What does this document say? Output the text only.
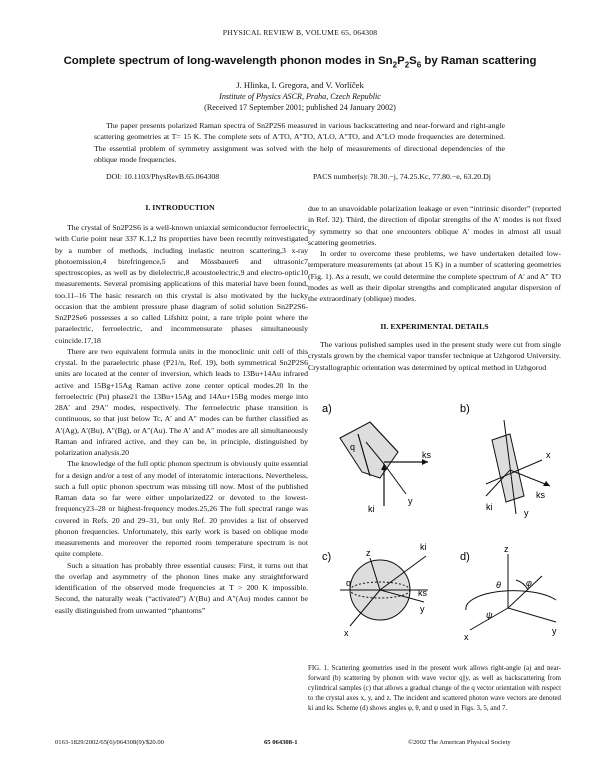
PHYSICAL REVIEW B, VOLUME 65, 064308
Complete spectrum of long-wavelength phonon modes in $Sn_2P_2S_6$ by Raman scattering
J. Hlinka, I. Gregora, and V. Vorlíček
Institute of Physics ASCR, Praha, Czech Republic
(Received 17 September 2001; published 24 January 2002)
The paper presents polarized Raman spectra of Sn2P2S6 measured in various backscattering and near-forward and right-angle scattering geometries at T= 15 K. The complete sets of A′TO, A″TO, A′LO, A″TO, and A″LO mode frequencies are determined. The essential problem of symmetry assignment was solved with the help of measurements of directional dependencies of the oblique mode frequencies.
DOI: 10.1103/PhysRevB.65.064308	PACS number(s): 78.30.−j, 74.25.Kc, 77.80.−e, 63.20.Dj
I. INTRODUCTION

The crystal of Sn2P2S6 is a well-known uniaxial semiconductor ferroelectric with Curie point near 337 K.1,2 Its properties have been recently reinvestigated by a number of methods, including inelastic neutron scattering,3 x-ray photoemission,4 birefringence,5 and Mössbauer6 and ultrasonic7 spectroscopies, as well as by dielelectric,8 acoustoelectric,9 and electro-optic10 measurements. Several promising applications of this material have been found, too.11–16 The basic research on this crystal is also motivated by the lucky occasion that the ambient pressure phase diagram of solid solution Sn2P2S6-Sn2P2Se6 possesses a so called Lifshitz point, a rare triple point where the paraelectric, ferroelectric, and incommensurate phases simultaneously coincide.17,18

There are two equivalent formula units in the monoclinic unit cell of this crystal. In the paraelectric phase (P21/n, Ref. 19), both symmetrical Sn2P2S6 units are located at the center of inversion, which leads to 13Bu+14Au infrared active and 15Bg+15Ag Raman active zone center optical modes.20 In the ferroelectric (Pn) phase21 the 13Bu+15Ag and 14Au+15Bg modes merge into 28A′ and 29A″ modes, respectively. The ferroelectric phase transition is continuous, so that just below Tc, A′ and A″ modes can be further classified as A′(Ag), A′(Bu), A″(Bg), or A″(Au). The A′ and A″ modes are all simultaneously Raman and infrared active, and they can be, in principle, distinguished by polarization analysis.20

The knowledge of the full optic phonon spectrum is obviously quite essential for a design and/or a test of any model of interatomic interactions. Nevertheless, such a full optic phonon spectrum was missing till now. Most of the published Raman data so far were either unpolarized22 or devoted to the lowest-frequency23–28 or highest-frequency modes.25,26 The full spectral range was covered in Refs. 20 and 29–31, but only Ref. 20 provides a list of observed phonon frequencies. Unfortunately, this early work is based on oblique mode measurements and moreover the reported room temperature spectrum is not quite complete.

Such a situation has probably three essential causes: First, it turns out that the overlap and asymmetry of the phonon lines make any straightforward identification of the observed mode frequencies at T > 200 K impossible. Second, the naturally weak (“activated”) A′(Bu) and A″(Au) modes cannot be easily distinguished from unwanted “phantoms”

due to an unavoidable polarization leakage or even “intrinsic disorder” (reported in Ref. 32). Third, the direction of dipolar strengths of the A′ modes is not fixed by symmetry so that one encounters oblique A′ modes in almost all usual scattering geometries.

In order to overcome these problems, we have undertaken detailed low-temperature measurements (at about 15 K) in a number of scattering geometries (Fig. 1). As a result, we could determine the complete spectrum of A′ and A″ TO modes as well as their dipolar strengths and complicated angular dispersion of the extraordinary (oblique) modes.

II. EXPERIMENTAL DETAILS

The various polished samples used in the present study were cut from single crystals grown by the chemical vapor transfer technique at Uzhgorod University. Crystallographic orientation was determined by optical method in Uzhgorod

a)
q
ks
ki
y
b)
ki
ks
x
y
c)
q
ki
ks
z
y
x
d)
z
θ	φ
ψ
x
y
FIG. 1. Scattering geometries used in the present work allows right-angle (a) and near-forward (b) scattering by phonon with wave vector q||y, as well as backscattering from cylindrical samples (c) that allows a gradual change of the q vector orientation with respect to the crystal axes x, y, and z. The incident and scattered photon wave vectors are denoted ki and ks. Scheme (d) shows angles φ, θ, and ψ used in Figs. 3, 5, and 7.
0163-1829/2002/65(6)/064308(9)/$20.00	65 064308-1	©2002 The American Physical Society
